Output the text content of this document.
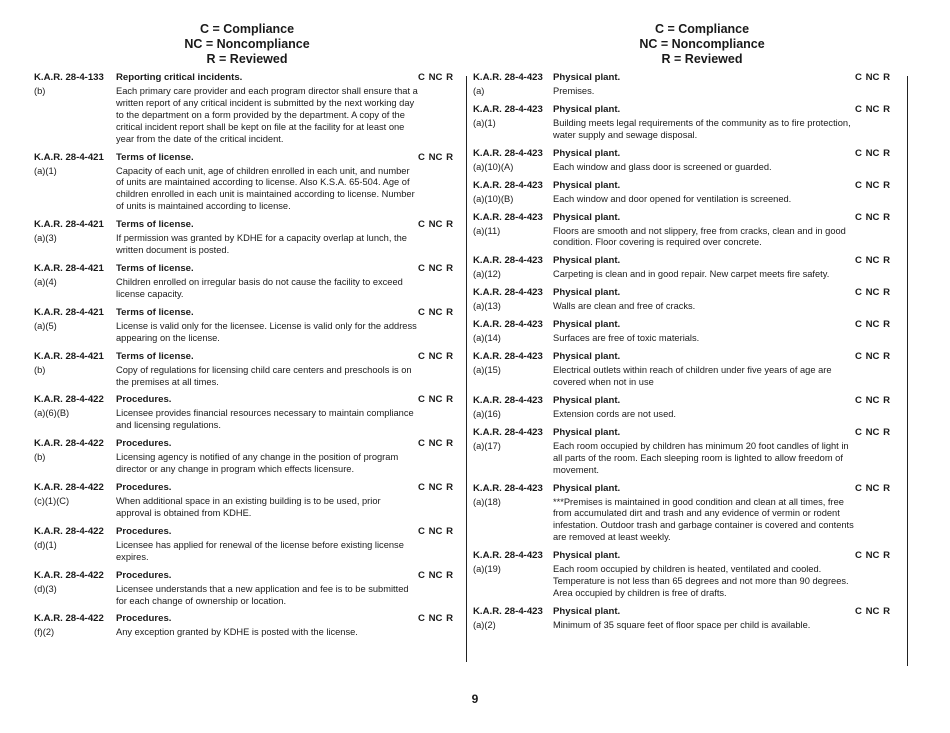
C = Compliance
NC = Noncompliance
R = Reviewed
K.A.R. 28-4-133	Reporting critical incidents.	C NC R
(b)	Each primary care provider and each program director shall ensure that a written report of any critical incident is submitted by the next working day to the department on a form provided by the department. A copy of the critical incident report shall be kept on file at the facility for at least one year from the date of the critical incident.
K.A.R. 28-4-421	Terms of license.	C NC R
(a)(1)	Capacity of each unit, age of children enrolled in each unit, and number of units are maintained according to license. Also K.S.A. 65-504. Age of children enrolled in each unit is maintained according to license. Number of units is maintained according to license.
K.A.R. 28-4-421	Terms of license.	C NC R
(a)(3)	If permission was granted by KDHE for a capacity overlap at lunch, the written document is posted.
K.A.R. 28-4-421	Terms of license.	C NC R
(a)(4)	Children enrolled on irregular basis do not cause the facility to exceed license capacity.
K.A.R. 28-4-421	Terms of license.	C NC R
(a)(5)	License is valid only for the licensee. License is valid only for the address appearing on the license.
K.A.R. 28-4-421	Terms of license.	C NC R
(b)	Copy of regulations for licensing child care centers and preschools is on the premises at all times.
K.A.R. 28-4-422	Procedures.	C NC R
(a)(6)(B)	Licensee provides financial resources necessary to maintain compliance and licensing regulations.
K.A.R. 28-4-422	Procedures.	C NC R
(b)	Licensing agency is notified of any change in the position of program director or any change in program which effects licensure.
K.A.R. 28-4-422	Procedures.	C NC R
(c)(1)(C)	When additional space in an existing building is to be used, prior approval is obtained from KDHE.
K.A.R. 28-4-422	Procedures.	C NC R
(d)(1)	Licensee has applied for renewal of the license before existing license expires.
K.A.R. 28-4-422	Procedures.	C NC R
(d)(3)	Licensee understands that a new application and fee is to be submitted for each change of ownership or location.
K.A.R. 28-4-422	Procedures.	C NC R
(f)(2)	Any exception granted by KDHE is posted with the license.
C = Compliance
NC = Noncompliance
R = Reviewed
K.A.R. 28-4-423	Physical plant.	C NC R
(a)	Premises.
K.A.R. 28-4-423	Physical plant.	C NC R
(a)(1)	Building meets legal requirements of the community as to fire protection, water supply and sewage disposal.
K.A.R. 28-4-423	Physical plant.	C NC R
(a)(10)(A)	Each window and glass door is screened or guarded.
K.A.R. 28-4-423	Physical plant.	C NC R
(a)(10)(B)	Each window and door opened for ventilation is screened.
K.A.R. 28-4-423	Physical plant.	C NC R
(a)(11)	Floors are smooth and not slippery, free from cracks, clean and in good condition. Floor covering is required over concrete.
K.A.R. 28-4-423	Physical plant.	C NC R
(a)(12)	Carpeting is clean and in good repair. New carpet meets fire safety.
K.A.R. 28-4-423	Physical plant.	C NC R
(a)(13)	Walls are clean and free of cracks.
K.A.R. 28-4-423	Physical plant.	C NC R
(a)(14)	Surfaces are free of toxic materials.
K.A.R. 28-4-423	Physical plant.	C NC R
(a)(15)	Electrical outlets within reach of children under five years of age are covered when not in use
K.A.R. 28-4-423	Physical plant.	C NC R
(a)(16)	Extension cords are not used.
K.A.R. 28-4-423	Physical plant.	C NC R
(a)(17)	Each room occupied by children has minimum 20 foot candles of light in all parts of the room. Each sleeping room is lighted to allow freedom of movement.
K.A.R. 28-4-423	Physical plant.	C NC R
(a)(18)	***Premises is maintained in good condition and clean at all times, free from accumulated dirt and trash and any evidence of vermin or rodent infestation. Outdoor trash and garbage container is covered and contents are removed at least weekly.
K.A.R. 28-4-423	Physical plant.	C NC R
(a)(19)	Each room occupied by children is heated, ventilated and cooled. Temperature is not less than 65 degrees and not more than 90 degrees. Area occupied by children is free of drafts.
K.A.R. 28-4-423	Physical plant.	C NC R
(a)(2)	Minimum of 35 square feet of floor space per child is available.
9
